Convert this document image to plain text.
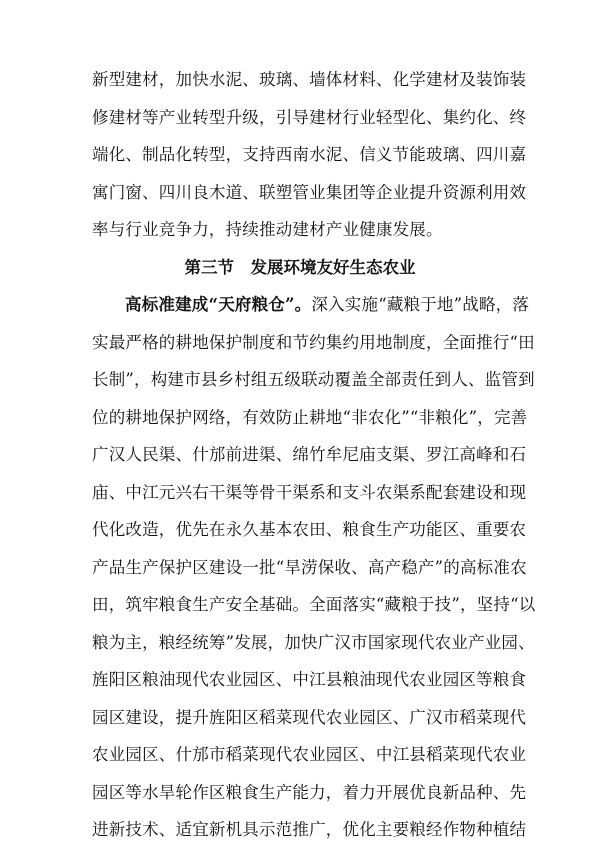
新型建材，加快水泥、玻璃、墙体材料、化学建材及装饰装
修建材等产业转型升级，引导建材行业轻型化、集约化、终
端化、制品化转型，支持西南水泥、信义节能玻璃、四川嘉
寓门窗、四川良木道、联塑管业集团等企业提升资源利用效
率与行业竞争力，持续推动建材产业健康发展。
第三节　发展环境友好生态农业
高标准建成“天府粮仓”。深入实施“藏粮于地”战略，落
实最严格的耕地保护制度和节约集约用地制度，全面推行“田
长制”，构建市县乡村组五级联动覆盖全部责任到人、监管到
位的耕地保护网络，有效防止耕地“非农化”“非粮化”，完善
广汉人民渠、什邡前进渠、绵竹牟尼庙支渠、罗江高峰和石
庙、中江元兴右干渠等骨干渠系和支斗农渠系配套建设和现
代化改造，优先在永久基本农田、粮食生产功能区、重要农
产品生产保护区建设一批“旱涝保收、高产稳产”的高标准农
田，筑牢粮食生产安全基础。全面落实“藏粮于技”，坚持“以
粮为主，粮经统筹”发展，加快广汉市国家现代农业产业园、
旌阳区粮油现代农业园区、中江县粮油现代农业园区等粮食
园区建设，提升旌阳区稻菜现代农业园区、广汉市稻菜现代
农业园区、什邡市稻菜现代农业园区、中江县稻菜现代农业
园区等水旱轮作区粮食生产能力，着力开展优良新品种、先
进新技术、适宜新机具示范推广，优化主要粮经作物种植结
